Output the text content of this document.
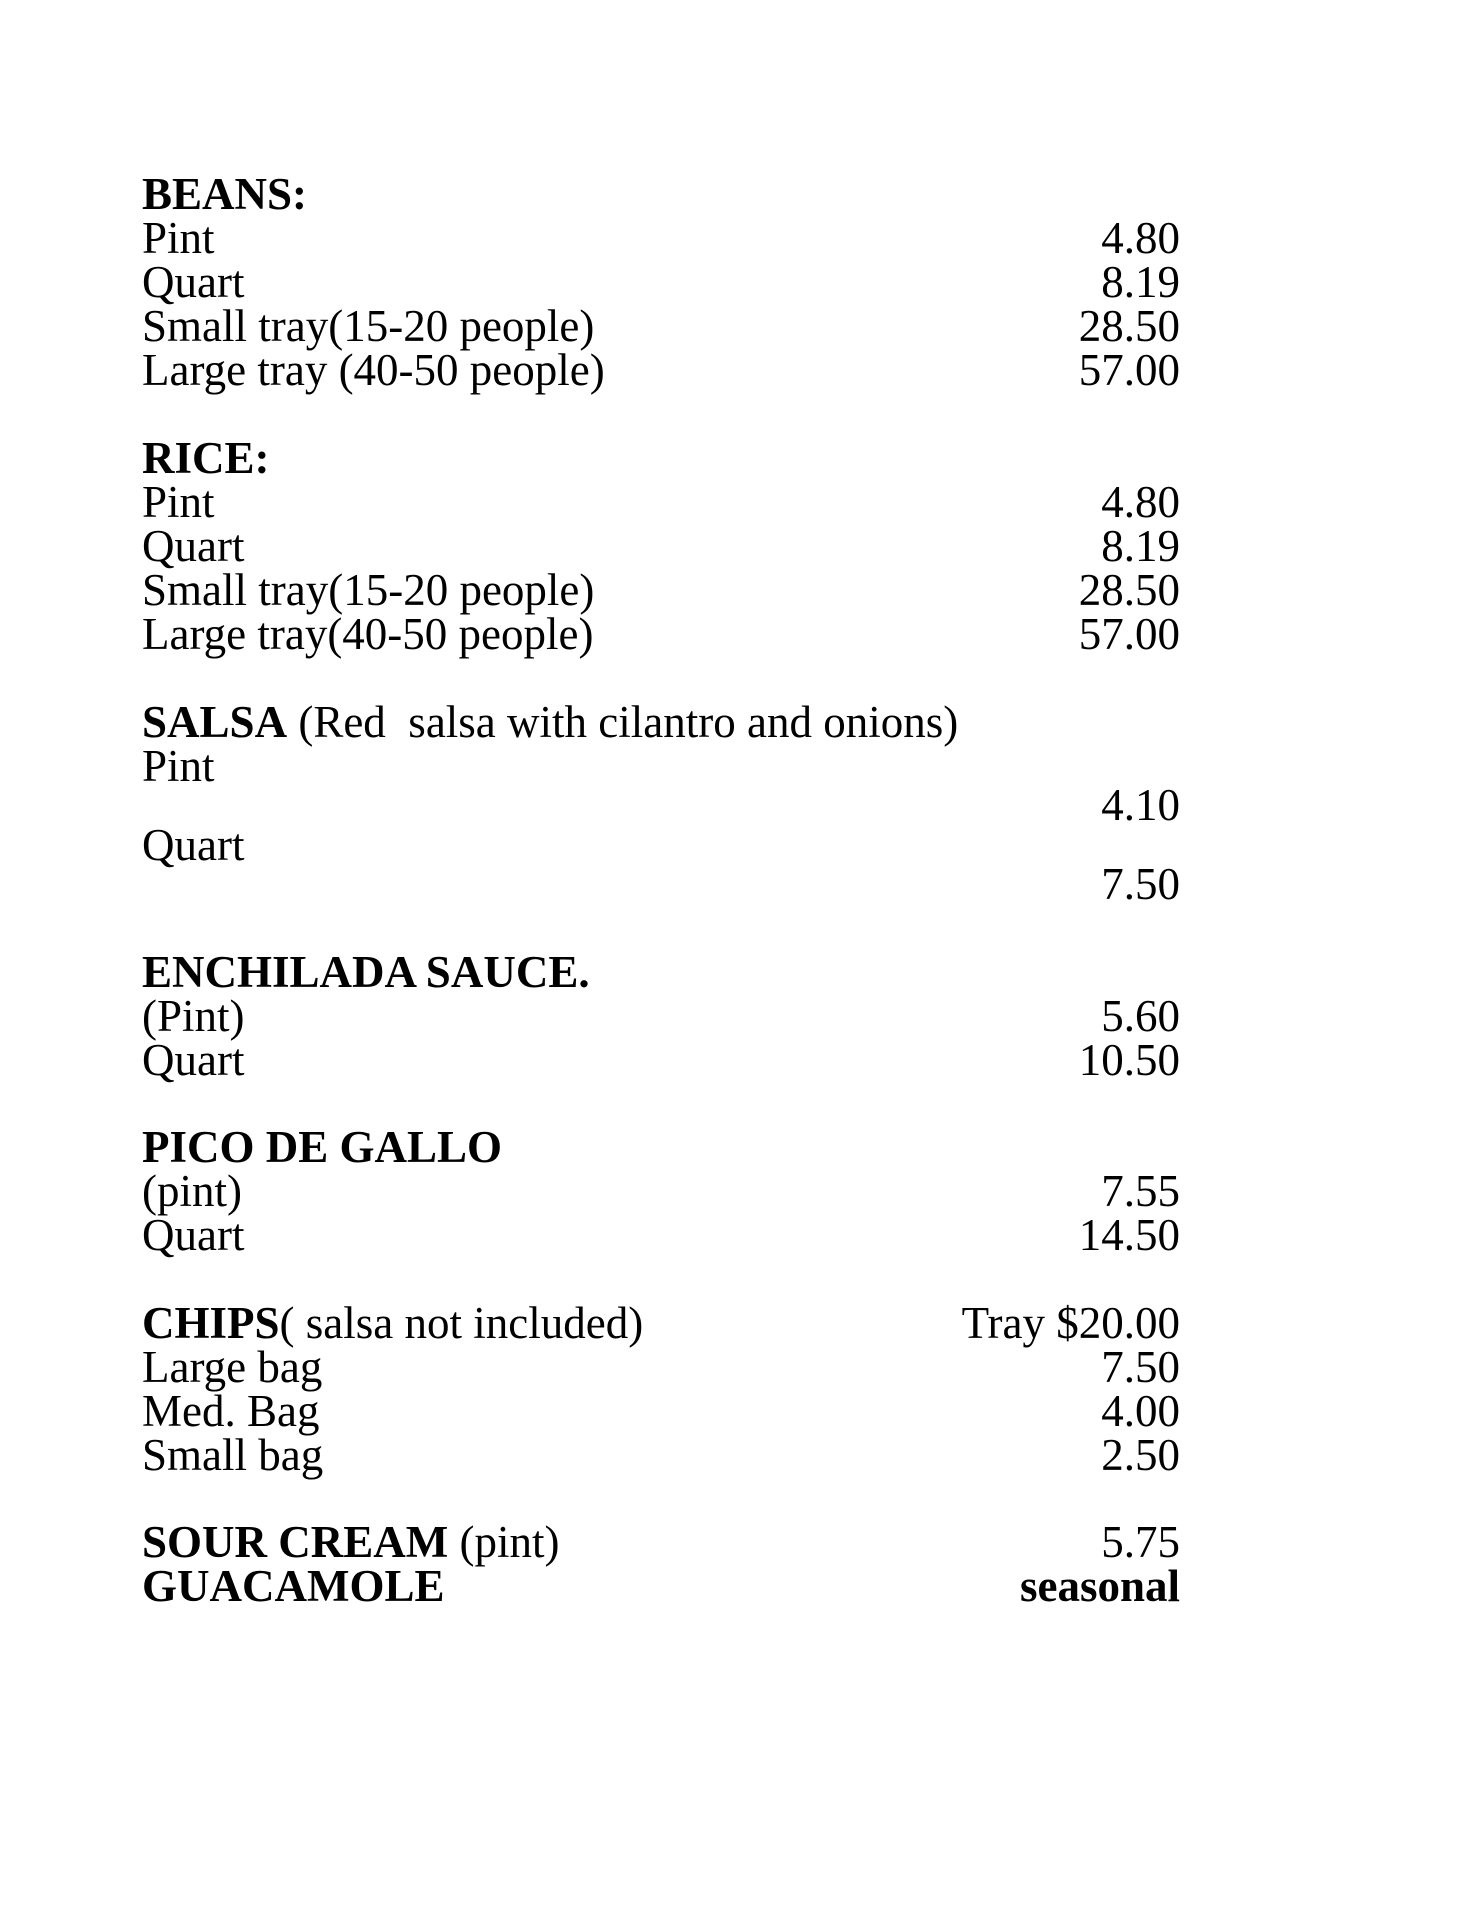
BEANS:
Pint	4.80
Quart	8.19
Small tray(15-20 people)	28.50
Large tray (40-50 people)	57.00
RICE:
Pint	4.80
Quart	8.19
Small tray(15-20 people)	28.50
Large tray(40-50 people)	57.00
SALSA (Red  salsa with cilantro and onions)
Pint
4.10
Quart
7.50
ENCHILADA SAUCE.
(Pint)	5.60
Quart	10.50
PICO DE GALLO
(pint)	7.55
Quart	14.50
CHIPS( salsa not included)	Tray $20.00
Large bag	7.50
Med. Bag	4.00
Small bag	2.50
SOUR CREAM (pint)	5.75
GUACAMOLE	seasonal
